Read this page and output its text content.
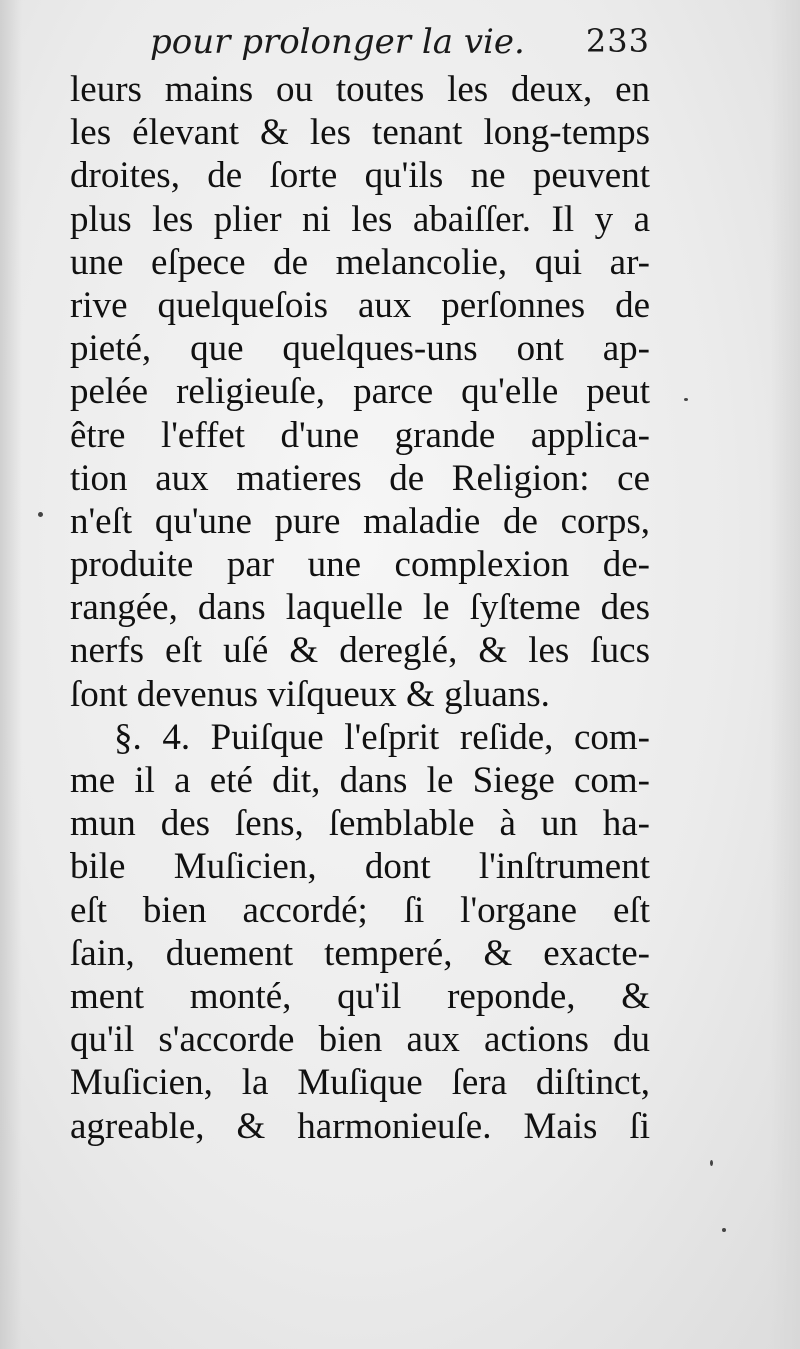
pour prolonger la vie. 233
leurs mains ou toutes les deux, en
les élevant & les tenant long-temps
droites, de ſorte qu'ils ne peuvent
plus les plier ni les abaiſſer. Il y a
une eſpece de melancolie, qui ar-
rive quelqueſois aux perſonnes de
pieté, que quelques-uns ont ap-
pelée religieuſe, parce qu'elle peut
être l'effet d'une grande applica-
tion aux matieres de Religion: ce
n'eſt qu'une pure maladie de corps,
produite par une complexion de-
rangée, dans laquelle le ſyſteme des
nerfs eſt uſé & dereglé, & les ſucs
ſont devenus viſqueux & gluans.
§. 4. Puiſque l'eſprit reſide, com-
me il a eté dit, dans le Siege com-
mun des ſens, ſemblable à un ha-
bile Muſicien, dont l'inſtrument
eſt bien accordé; ſi l'organe eſt
ſain, duement temperé, & exacte-
ment monté, qu'il reponde, &
qu'il s'accorde bien aux actions du
Muſicien, la Muſique ſera diſtinct,
agreable, & harmonieuſe. Mais ſi
